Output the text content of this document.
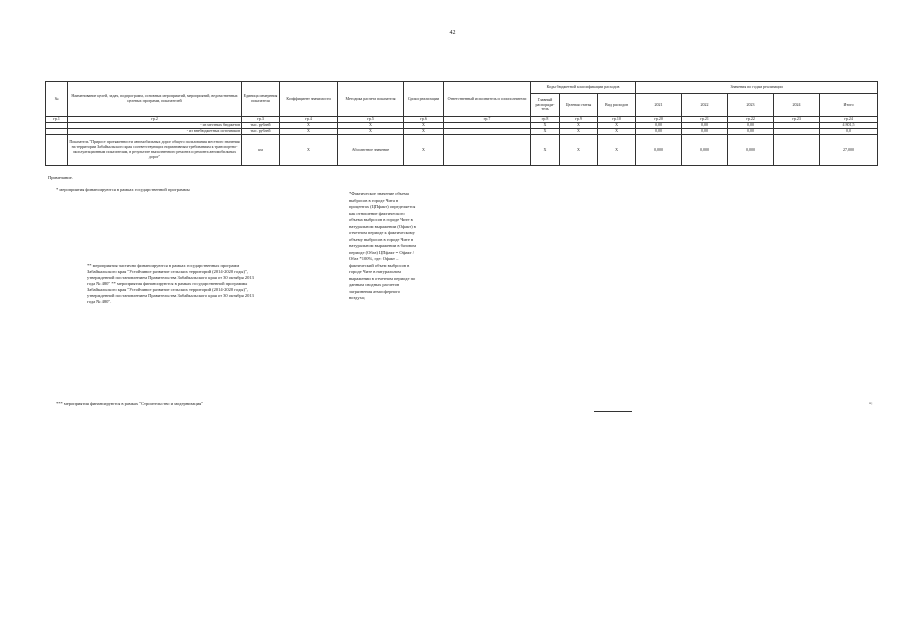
42
№	Наименование целей, задач, подпрограмм, основных мероприятий, мероприятий, ведомственных целевых программ, показателей	Единица измерения показателя	Коэффициент значимости	Методика расчета показателя	Сроки реализации	Ответственный исполнитель и соисполнители	Коды бюджетной классификации расходов			Значения по годам реализации				
							Главный распоряди-тель	Целевая статья	Вид расходов	2021	2022	2023	2024	Итого
гр.1	гр.2	гр.3	гр.4	гр.5	гр.6	гр.7	гр.8	гр.9	гр.10	гр.20	гр.21	гр.22	гр.23	гр.24
	- из местных бюджетов	тыс. рублей	X	X	X		X	X	X	0,00	0,00	0,00		4 801,5
	- из внебюджетных источников	тыс. рублей	X	X	X		X	X	X	0,00	0,00	0,00		0,0
	Показатель "Прирост протяженности автомобильных дорог общего пользования местного значения на территории Забайкальского края соответствующих нормативным требованиям к транспортно-эксплуатационным показателям, в результате выполненного ремонта и ремонта автомобильных дорог"	км	X	Абсолютное значение	X		X	X	X	0,000	0,000	0,000		27,000
Примечание.
* мероприятия финансируются в рамках государственной программы
*Фактическое значение объема выбросов в городе Чита в процентах (ЦПфакт) определяется как отношение фактического объема выбросов в городе Чите в натуральном выражении (Офакт) в отчетном периоде к фактическому объему выбросов в городе Чите в натуральном выражении в базовом периоде (Обаз) ЦПфакт = Офакт / Обаз *100%, где: Офакт – фактический объем выбросов в городе Чите в натуральном выражении в отчетном периоде по данным сводных расчетов загрязнения атмосферного воздуха;
** мероприятия частично финансируются в рамках государственных программ Забайкальского края "Устойчивое развитие сельских территорий (2014-2020 годы)", утвержденной постановлением Правительства Забайкальского края от 30 октября 2013 года № 480" ** мероприятия финансируются в рамках государственной программы Забайкальского края "Устойчивое развитие сельских территорий (2014-2020 годы)", утвержденной постановлением Правительства Забайкальского края от 30 октября 2013 года № 480".
*** мероприятия финансируются в рамках "Строительство и модернизация"	»;
